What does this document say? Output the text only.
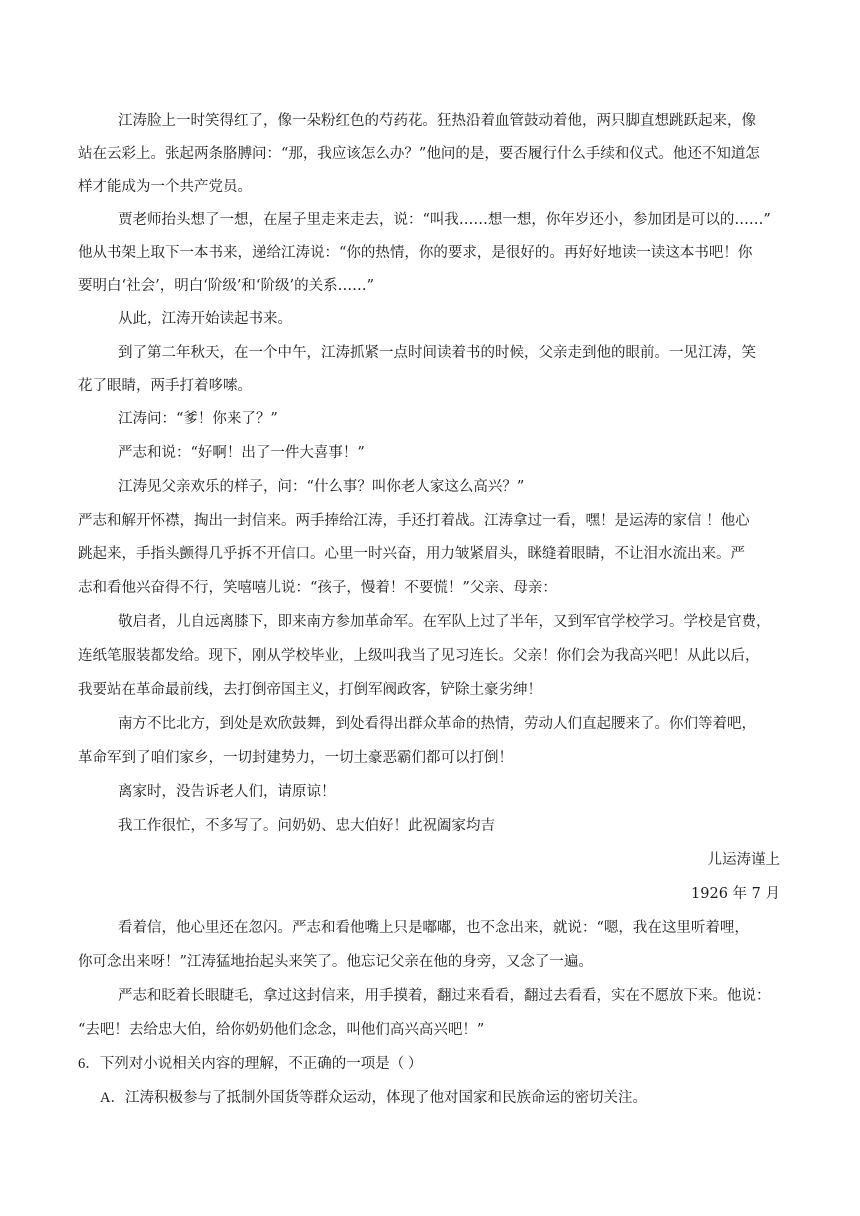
江涛脸上一时笑得红了，像一朵粉红色的芍药花。狂热沿着血管鼓动着他，两只脚直想跳跃起来，像
站在云彩上。张起两条胳膊问：“那，我应该怎么办？”他问的是，要否履行什么手续和仪式。他还不知道怎
样才能成为一个共产党员。
贾老师抬头想了一想，在屋子里走来走去，说：“叫我……想一想，你年岁还小，参加团是可以的……”
他从书架上取下一本书来，递给江涛说：“你的热情，你的要求，是很好的。再好好地读一读这本书吧！你
要明白‘社会’，明白‘阶级’和‘阶级’的关系……”
从此，江涛开始读起书来。
到了第二年秋天，在一个中午，江涛抓紧一点时间读着书的时候，父亲走到他的眼前。一见江涛，笑
花了眼睛，两手打着哆嗦。
江涛问：“爹！你来了？”
严志和说：“好啊！出了一件大喜事！”
江涛见父亲欢乐的样子，问：“什么事？叫你老人家这么高兴？”
严志和解开怀襟，掏出一封信来。两手捧给江涛，手还打着战。江涛拿过一看，嘿！是运涛的家信 ！他心
跳起来，手指头颤得几乎拆不开信口。心里一时兴奋，用力皱紧眉头，眯缝着眼睛，不让泪水流出来。严
志和看他兴奋得不行，笑嘻嘻儿说：“孩子，慢着！不要慌！”父亲、母亲：
敬启者，儿自远离膝下，即来南方参加革命军。在军队上过了半年，又到军官学校学习。学校是官费，
连纸笔服装都发给。现下，刚从学校毕业，上级叫我当了见习连长。父亲！你们会为我高兴吧！从此以后，
我要站在革命最前线，去打倒帝国主义，打倒军阀政客，铲除土豪劣绅！
南方不比北方，到处是欢欣鼓舞，到处看得出群众革命的热情，劳动人们直起腰来了。你们等着吧，
革命军到了咱们家乡，一切封建势力，一切土豪恶霸们都可以打倒！
离家时，没告诉老人们，请原谅！
我工作很忙，不多写了。问奶奶、忠大伯好！此祝阖家均吉
儿运涛谨上
1926 年 7 月
看着信，他心里还在忽闪。严志和看他嘴上只是嘟嘟，也不念出来，就说：“嗯，我在这里听着哩，
你可念出来呀！”江涛猛地抬起头来笑了。他忘记父亲在他的身旁，又念了一遍。
严志和眨着长眼睫毛，拿过这封信来，用手摸着，翻过来看看，翻过去看看，实在不愿放下来。他说：
“去吧！去给忠大伯，给你奶奶他们念念，叫他们高兴高兴吧！”
6．下列对小说相关内容的理解，不正确的一项是（ ）
A．江涛积极参与了抵制外国货等群众运动，体现了他对国家和民族命运的密切关注。
